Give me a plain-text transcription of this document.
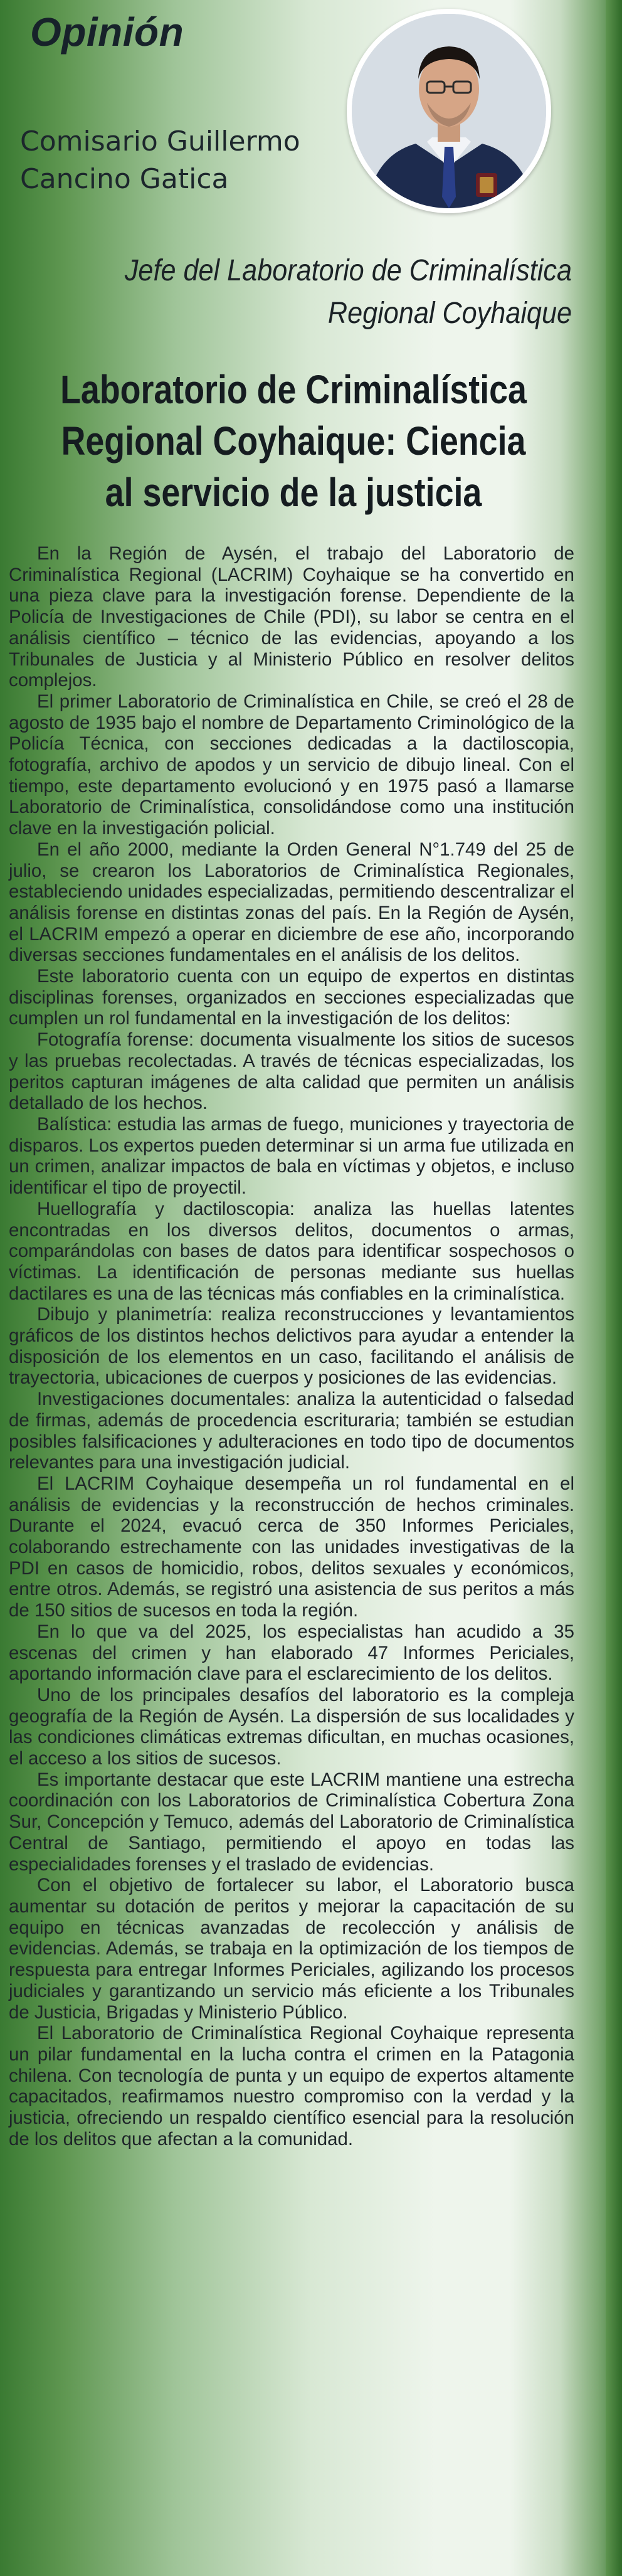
Opinión
Comisario Guillermo
Cancino Gatica
Jefe del Laboratorio de Criminalística
Regional Coyhaique
Laboratorio de Criminalística
Regional Coyhaique: Ciencia
al servicio de la justicia

En la Región de Aysén, el trabajo del Laboratorio de Criminalística Regional (LACRIM) Coyhaique se ha convertido en una pieza clave para la investigación forense. Dependiente de la Policía de Investigaciones de Chile (PDI), su labor se centra en el análisis científico – técnico de las evidencias, apoyando a los Tribunales de Justicia y al Ministerio Público en resolver delitos complejos.

El primer Laboratorio de Criminalística en Chile, se creó el 28 de agosto de 1935 bajo el nombre de Departamento Criminológico de la Policía Técnica, con secciones dedicadas a la dactiloscopia, fotografía, archivo de apodos y un servicio de dibujo lineal. Con el tiempo, este departamento evolucionó y en 1975 pasó a llamarse Laboratorio de Criminalística, consolidándose como una institución clave en la investigación policial.

En el año 2000, mediante la Orden General N°1.749 del 25 de julio, se crearon los Laboratorios de Criminalística Regionales, estableciendo unidades especializadas, permitiendo descentralizar el análisis forense en distintas zonas del país. En la Región de Aysén, el LACRIM empezó a operar en diciembre de ese año, incorporando diversas secciones fundamentales en el análisis de los delitos.

Este laboratorio cuenta con un equipo de expertos en distintas disciplinas forenses, organizados en secciones especializadas que cumplen un rol fundamental en la investigación de los delitos:

Fotografía forense: documenta visualmente los sitios de sucesos y las pruebas recolectadas. A través de técnicas especializadas, los peritos capturan imágenes de alta calidad que permiten un análisis detallado de los hechos.

Balística: estudia las armas de fuego, municiones y trayectoria de disparos. Los expertos pueden determinar si un arma fue utilizada en un crimen, analizar impactos de bala en víctimas y objetos, e incluso identificar el tipo de proyectil.

Huellografía y dactiloscopia: analiza las huellas latentes encontradas en los diversos delitos, documentos o armas, comparándolas con bases de datos para identificar sospechosos o víctimas. La identificación de personas mediante sus huellas dactilares es una de las técnicas más confiables en la criminalística.

Dibujo y planimetría: realiza reconstrucciones y levantamientos gráficos de los distintos hechos delictivos para ayudar a entender la disposición de los elementos en un caso, facilitando el análisis de trayectoria, ubicaciones de cuerpos y posiciones de las evidencias.

Investigaciones documentales: analiza la autenticidad o falsedad de firmas, además de procedencia escrituraria; también se estudian posibles falsificaciones y adulteraciones en todo tipo de documentos relevantes para una investigación judicial.

El LACRIM Coyhaique desempeña un rol fundamental en el análisis de evidencias y la reconstrucción de hechos criminales. Durante el 2024, evacuó cerca de 350 Informes Periciales, colaborando estrechamente con las unidades investigativas de la PDI en casos de homicidio, robos, delitos sexuales y económicos, entre otros. Además, se registró una asistencia de sus peritos a más de 150 sitios de sucesos en toda la región.

En lo que va del 2025, los especialistas han acudido a 35 escenas del crimen y han elaborado 47 Informes Periciales, aportando información clave para el esclarecimiento de los delitos.

Uno de los principales desafíos del laboratorio es la compleja geografía de la Región de Aysén. La dispersión de sus localidades y las condiciones climáticas extremas dificultan, en muchas ocasiones, el acceso a los sitios de sucesos.

Es importante destacar que este LACRIM mantiene una estrecha coordinación con los Laboratorios de Criminalística Cobertura Zona Sur, Concepción y Temuco, además del Laboratorio de Criminalística Central de Santiago, permitiendo el apoyo en todas las especialidades forenses y el traslado de evidencias.

Con el objetivo de fortalecer su labor, el Laboratorio busca aumentar su dotación de peritos y mejorar la capacitación de su equipo en técnicas avanzadas de recolección y análisis de evidencias. Además, se trabaja en la optimización de los tiempos de respuesta para entregar Informes Periciales, agilizando los procesos judiciales y garantizando un servicio más eficiente a los Tribunales de Justicia, Brigadas y Ministerio Público.

El Laboratorio de Criminalística Regional Coyhaique representa un pilar fundamental en la lucha contra el crimen en la Patagonia chilena. Con tecnología de punta y un equipo de expertos altamente capacitados, reafirmamos nuestro compromiso con la verdad y la justicia, ofreciendo un respaldo científico esencial para la resolución de los delitos que afectan a la comunidad.
